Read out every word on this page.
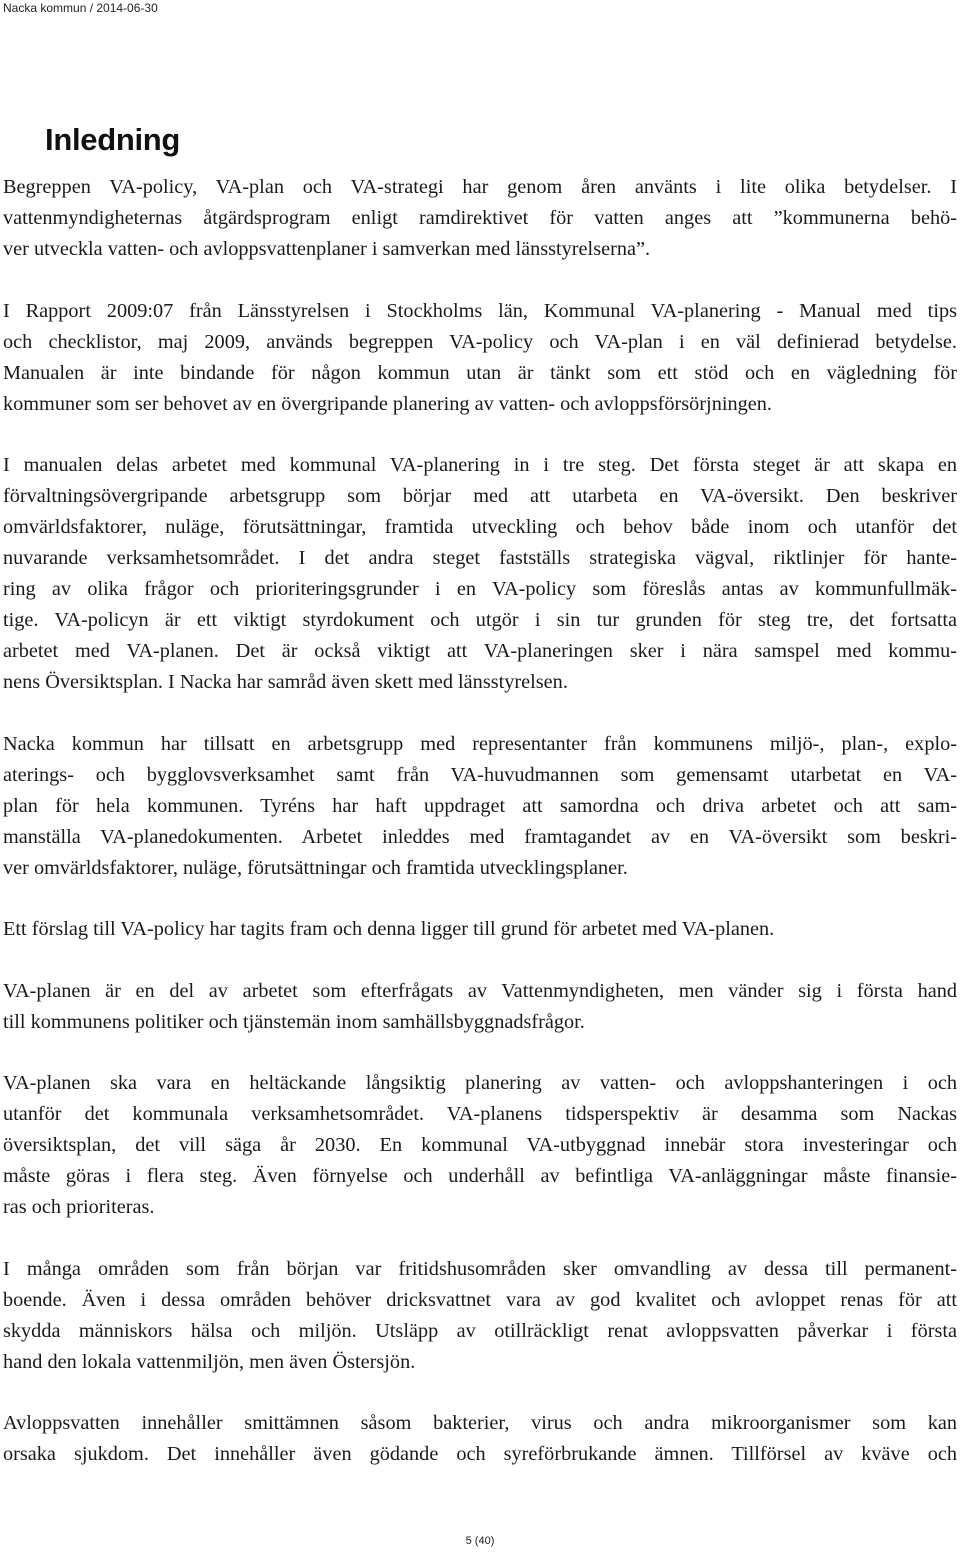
Nacka kommun / 2014-06-30
Inledning

Begreppen VA-policy, VA-plan och VA-strategi har genom åren använts i lite olika betydelser. I
vattenmyndigheternas åtgärdsprogram enligt ramdirektivet för vatten anges att ”kommunerna behö-
ver utveckla vatten- och avloppsvattenplaner i samverkan med länsstyrelserna”.

I Rapport 2009:07 från Länsstyrelsen i Stockholms län, Kommunal VA-planering - Manual med tips
och checklistor, maj 2009, används begreppen VA-policy och VA-plan i en väl definierad betydelse.
Manualen är inte bindande för någon kommun utan är tänkt som ett stöd och en vägledning för
kommuner som ser behovet av en övergripande planering av vatten- och avloppsförsörjningen.

I manualen delas arbetet med kommunal VA-planering in i tre steg. Det första steget är att skapa en
förvaltningsövergripande arbetsgrupp som börjar med att utarbeta en VA-översikt. Den beskriver
omvärldsfaktorer, nuläge, förutsättningar, framtida utveckling och behov både inom och utanför det
nuvarande verksamhetsområdet. I det andra steget fastställs strategiska vägval, riktlinjer för hante-
ring av olika frågor och prioriteringsgrunder i en VA-policy som föreslås antas av kommunfullmäk-
tige. VA-policyn är ett viktigt styrdokument och utgör i sin tur grunden för steg tre, det fortsatta
arbetet med VA-planen. Det är också viktigt att VA-planeringen sker i nära samspel med kommu-
nens Översiktsplan. I Nacka har samråd även skett med länsstyrelsen.

Nacka kommun har tillsatt en arbetsgrupp med representanter från kommunens miljö-, plan-, explo-
aterings- och bygglovsverksamhet samt från VA-huvudmannen som gemensamt utarbetat en VA-
plan för hela kommunen. Tyréns har haft uppdraget att samordna och driva arbetet och att sam-
manställa VA-planedokumenten. Arbetet inleddes med framtagandet av en VA-översikt som beskri-
ver omvärldsfaktorer, nuläge, förutsättningar och framtida utvecklingsplaner.

Ett förslag till VA-policy har tagits fram och denna ligger till grund för arbetet med VA-planen.

VA-planen är en del av arbetet som efterfrågats av Vattenmyndigheten, men vänder sig i första hand
till kommunens politiker och tjänstemän inom samhällsbyggnadsfrågor.

VA-planen ska vara en heltäckande långsiktig planering av vatten- och avloppshanteringen i och
utanför det kommunala verksamhetsområdet. VA-planens tidsperspektiv är desamma som Nackas
översiktsplan, det vill säga år 2030. En kommunal VA-utbyggnad innebär stora investeringar och
måste göras i flera steg. Även förnyelse och underhåll av befintliga VA-anläggningar måste finansie-
ras och prioriteras.

I många områden som från början var fritidshusområden sker omvandling av dessa till permanent-
boende. Även i dessa områden behöver dricksvattnet vara av god kvalitet och avloppet renas för att
skydda människors hälsa och miljön. Utsläpp av otillräckligt renat avloppsvatten påverkar i första
hand den lokala vattenmiljön, men även Östersjön.

Avloppsvatten innehåller smittämnen såsom bakterier, virus och andra mikroorganismer som kan
orsaka sjukdom. Det innehåller även gödande och syreförbrukande ämnen. Tillförsel av kväve och

5 (40)
